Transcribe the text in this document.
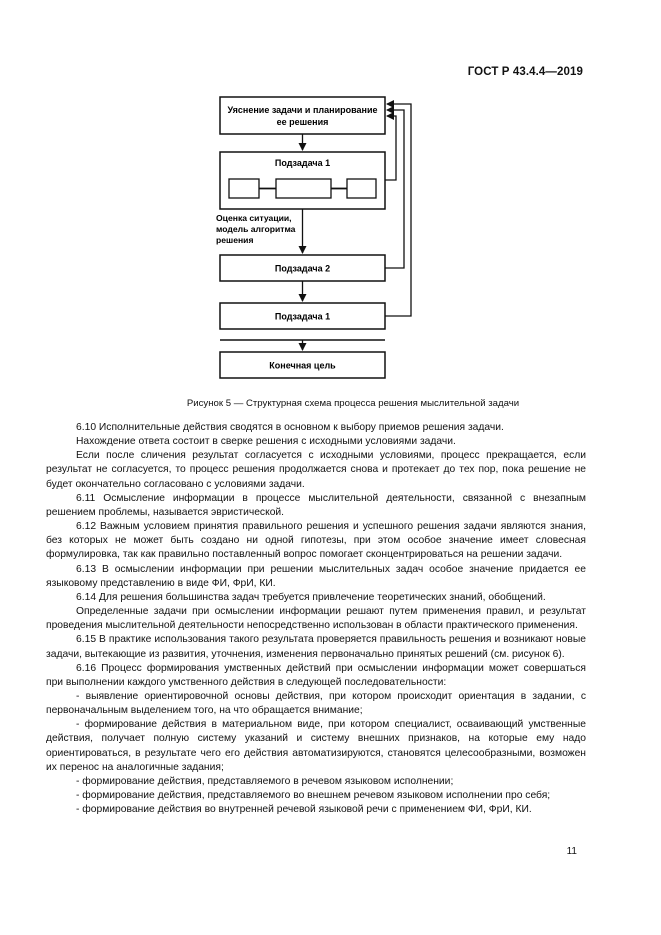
ГОСТ Р 43.4.4—2019
Уяснение задачи и планирование
ее решения
Подзадача 1
Оценка ситуации,
модель алгоритма
решения
Подзадача 2
Подзадача 1
Конечная цель
Рисунок 5 — Структурная схема процесса решения мыслительной задачи

6.10 Исполнительные действия сводятся в основном к выбору приемов решения задачи.

Нахождение ответа состоит в сверке решения с исходными условиями задачи.

Если после сличения результат согласуется с исходными условиями, процесс прекращается, если результат не согласуется, то процесс решения продолжается снова и протекает до тех пор, пока решение не будет окончательно согласовано с условиями задачи.

6.11 Осмысление информации в процессе мыслительной деятельности, связанной с внезапным решением проблемы, называется эвристической.

6.12 Важным условием принятия правильного решения и успешного решения задачи являются знания, без которых не может быть создано ни одной гипотезы, при этом особое значение имеет словесная формулировка, так как правильно поставленный вопрос помогает сконцентрироваться на решении задачи.

6.13 В осмыслении информации при решении мыслительных задач особое значение придается ее языковому представлению в виде ФИ, ФрИ, КИ.

6.14 Для решения большинства задач требуется привлечение теоретических знаний, обобщений.

Определенные задачи при осмыслении информации решают путем применения правил, и результат проведения мыслительной деятельности непосредственно использован в области практического применения.

6.15 В практике использования такого результата проверяется правильность решения и возникают новые задачи, вытекающие из развития, уточнения, изменения первоначально принятых решений (см. рисунок 6).

6.16 Процесс формирования умственных действий при осмыслении информации может совершаться при выполнении каждого умственного действия в следующей последовательности:

- выявление ориентировочной основы действия, при котором происходит ориентация в задании, с первоначальным выделением того, на что обращается внимание;

- формирование действия в материальном виде, при котором специалист, осваивающий умственные действия, получает полную систему указаний и систему внешних признаков, на которые ему надо ориентироваться, в результате чего его действия автоматизируются, становятся целесообразными, возможен их перенос на аналогичные задания;

- формирование действия, представляемого в речевом языковом исполнении;

- формирование действия, представляемого во внешнем речевом языковом исполнении про себя;

- формирование действия во внутренней речевой языковой речи с применением ФИ, ФрИ, КИ.

11
